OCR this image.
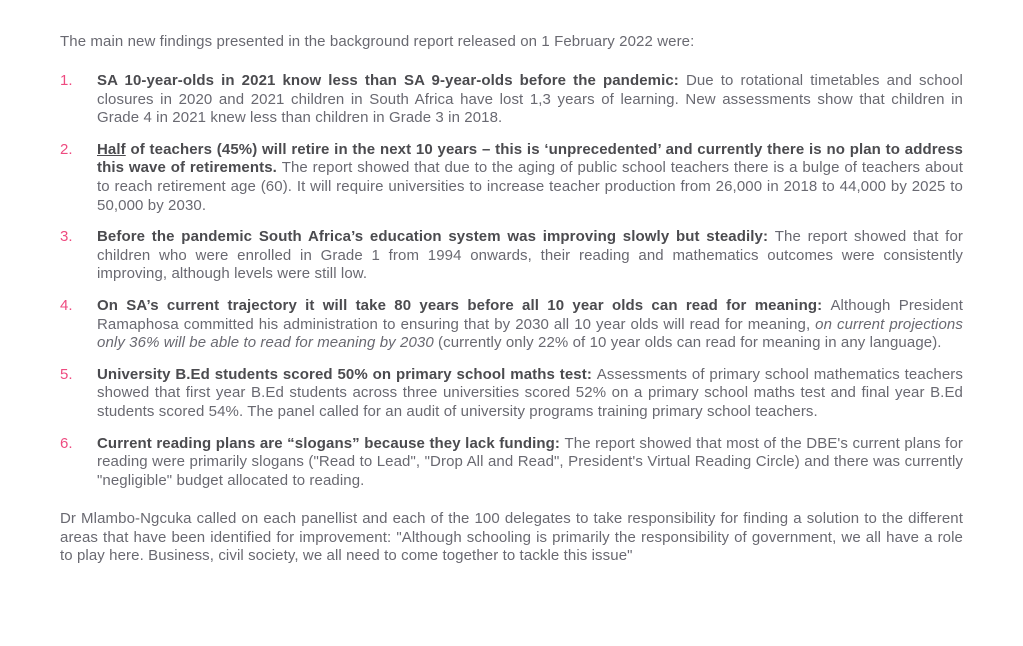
The main new findings presented in the background report released on 1 February 2022 were:

1.	SA 10-year-olds in 2021 know less than SA 9-year-olds before the pandemic: Due to rotational timetables and school closures in 2020 and 2021 children in South Africa have lost 1,3 years of learning. New assessments show that children in Grade 4 in 2021 knew less than children in Grade 3 in 2018.
2.	Half of teachers (45%) will retire in the next 10 years – this is ‘unprecedented’ and currently there is no plan to address this wave of retirements. The report showed that due to the aging of public school teachers there is a bulge of teachers about to reach retirement age (60). It will require universities to increase teacher production from 26,000 in 2018 to 44,000 by 2025 to 50,000 by 2030.
3.	Before the pandemic South Africa’s education system was improving slowly but steadily: The report showed that for children who were enrolled in Grade 1 from 1994 onwards, their reading and mathematics outcomes were consistently improving, although levels were still low.
4.	On SA’s current trajectory it will take 80 years before all 10 year olds can read for meaning: Although President Ramaphosa committed his administration to ensuring that by 2030 all 10 year olds will read for meaning, on current projections only 36% will be able to read for meaning by 2030 (currently only 22% of 10 year olds can read for meaning in any language).
5.	University B.Ed students scored 50% on primary school maths test: Assessments of primary school mathematics teachers showed that first year B.Ed students across three universities scored 52% on a primary school maths test and final year B.Ed students scored 54%. The panel called for an audit of university programs training primary school teachers.
6.	Current reading plans are “slogans” because they lack funding: The report showed that most of the DBE's current plans for reading were primarily slogans ("Read to Lead", "Drop All and Read", President's Virtual Reading Circle) and there was currently "negligible" budget allocated to reading.

Dr Mlambo-Ngcuka called on each panellist and each of the 100 delegates to take responsibility for finding a solution to the different areas that have been identified for improvement: "Although schooling is primarily the responsibility of government, we all have a role to play here. Business, civil society, we all need to come together to tackle this issue"
